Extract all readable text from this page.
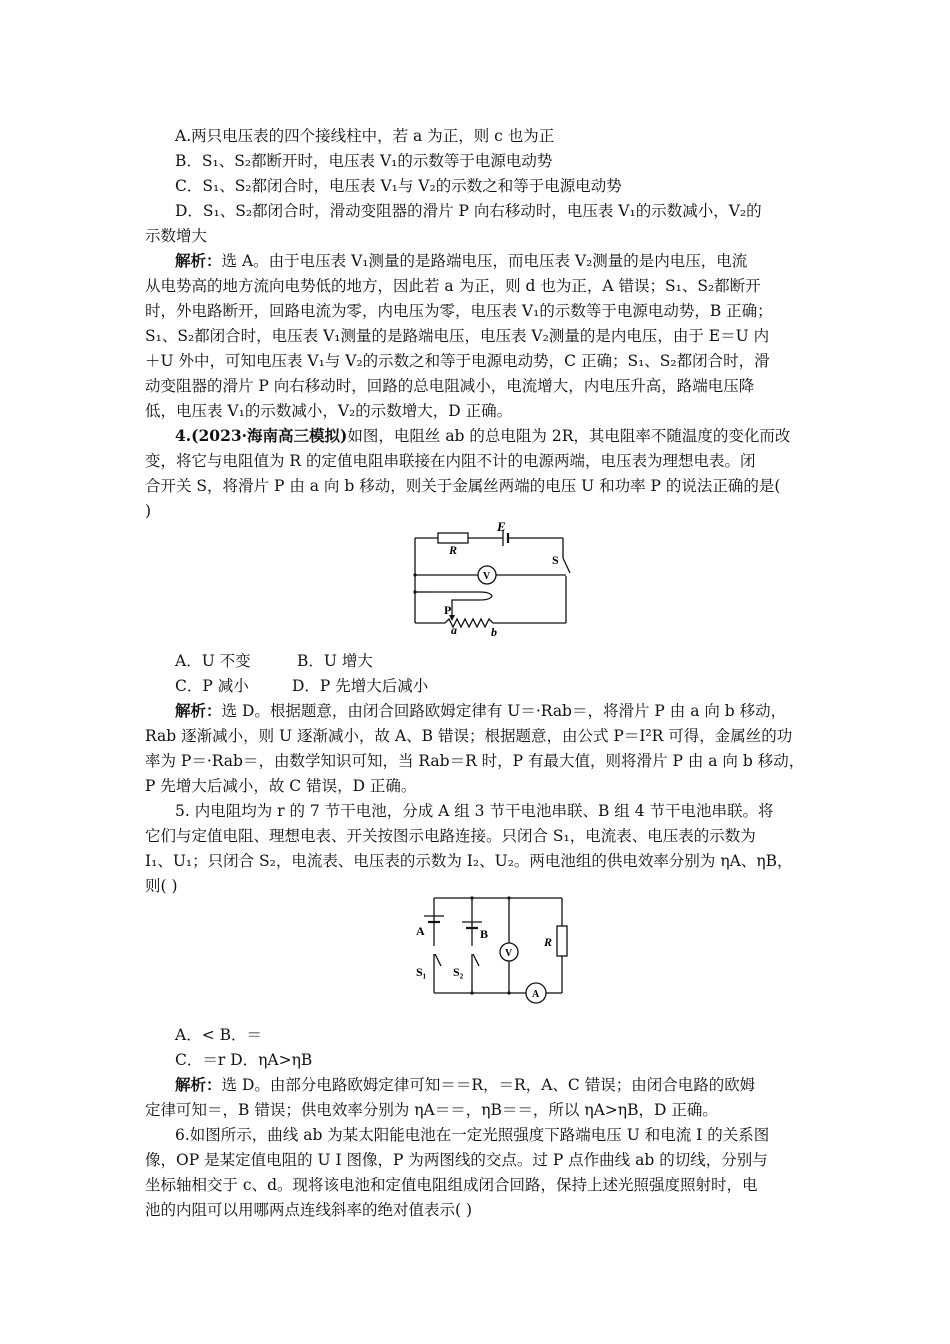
A.两只电压表的四个接线柱中，若 a 为正，则 c 也为正
B．S₁、S₂都断开时，电压表 V₁的示数等于电源电动势
C．S₁、S₂都闭合时，电压表 V₁与 V₂的示数之和等于电源电动势
D．S₁、S₂都闭合时，滑动变阻器的滑片 P 向右移动时，电压表 V₁的示数减小，V₂的
示数增大
解析：选 A。由于电压表 V₁测量的是路端电压，而电压表 V₂测量的是内电压，电流
从电势高的地方流向电势低的地方，因此若 a 为正，则 d 也为正，A 错误；S₁、S₂都断开
时，外电路断开，回路电流为零，内电压为零，电压表 V₁的示数等于电源电动势，B 正确；
S₁、S₂都闭合时，电压表 V₁测量的是路端电压，电压表 V₂测量的是内电压，由于 E＝U 内
＋U 外中，可知电压表 V₁与 V₂的示数之和等于电源电动势，C 正确；S₁、S₂都闭合时，滑
动变阻器的滑片 P 向右移动时，回路的总电阻减小，电流增大，内电压升高，路端电压降
低，电压表 V₁的示数减小，V₂的示数增大，D 正确。
4.(2023·海南高三模拟)如图，电阻丝 ab 的总电阻为 2R，其电阻率不随温度的变化而改
变，将它与电阻值为 R 的定值电阻串联接在内阻不计的电源两端，电压表为理想电表。闭
合开关 S，将滑片 P 由 a 向 b 移动，则关于金属丝两端的电压 U 和功率 P 的说法正确的是(
)
E
R
S
V
P
a	b
A．U 不变	B．U 增大
C．P 减小	D．P 先增大后减小
解析：选 D。根据题意，由闭合回路欧姆定律有 U＝·Rab＝，将滑片 P 由 a 向 b 移动，
Rab 逐渐减小，则 U 逐渐减小，故 A、B 错误；根据题意，由公式 P＝I²R 可得，金属丝的功
率为 P＝·Rab＝，由数学知识可知，当 Rab＝R 时，P 有最大值，则将滑片 P 由 a 向 b 移动，
P 先增大后减小，故 C 错误，D 正确。
5. 内电阻均为 r 的 7 节干电池，分成 A 组 3 节干电池串联、B 组 4 节干电池串联。将
它们与定值电阻、理想电表、开关按图示电路连接。只闭合 S₁，电流表、电压表的示数为
I₁、U₁；只闭合 S₂，电流表、电压表的示数为 I₂、U₂。两电池组的供电效率分别为 ηA、ηB，
则( )
A	B
S₁ S₂
V
R
A
A．< B．＝
C．＝r D．ηA>ηB
解析：选 D。由部分电路欧姆定律可知＝＝R，＝R，A、C 错误；由闭合电路的欧姆
定律可知＝，B 错误；供电效率分别为 ηA＝＝，ηB＝＝，所以 ηA>ηB，D 正确。
6.如图所示，曲线 ab 为某太阳能电池在一定光照强度下路端电压 U 和电流 I 的关系图
像，OP 是某定值电阻的 U I 图像，P 为两图线的交点。过 P 点作曲线 ab 的切线，分别与
坐标轴相交于 c、d。现将该电池和定值电阻组成闭合回路，保持上述光照强度照射时，电
池的内阻可以用哪两点连线斜率的绝对值表示( )
